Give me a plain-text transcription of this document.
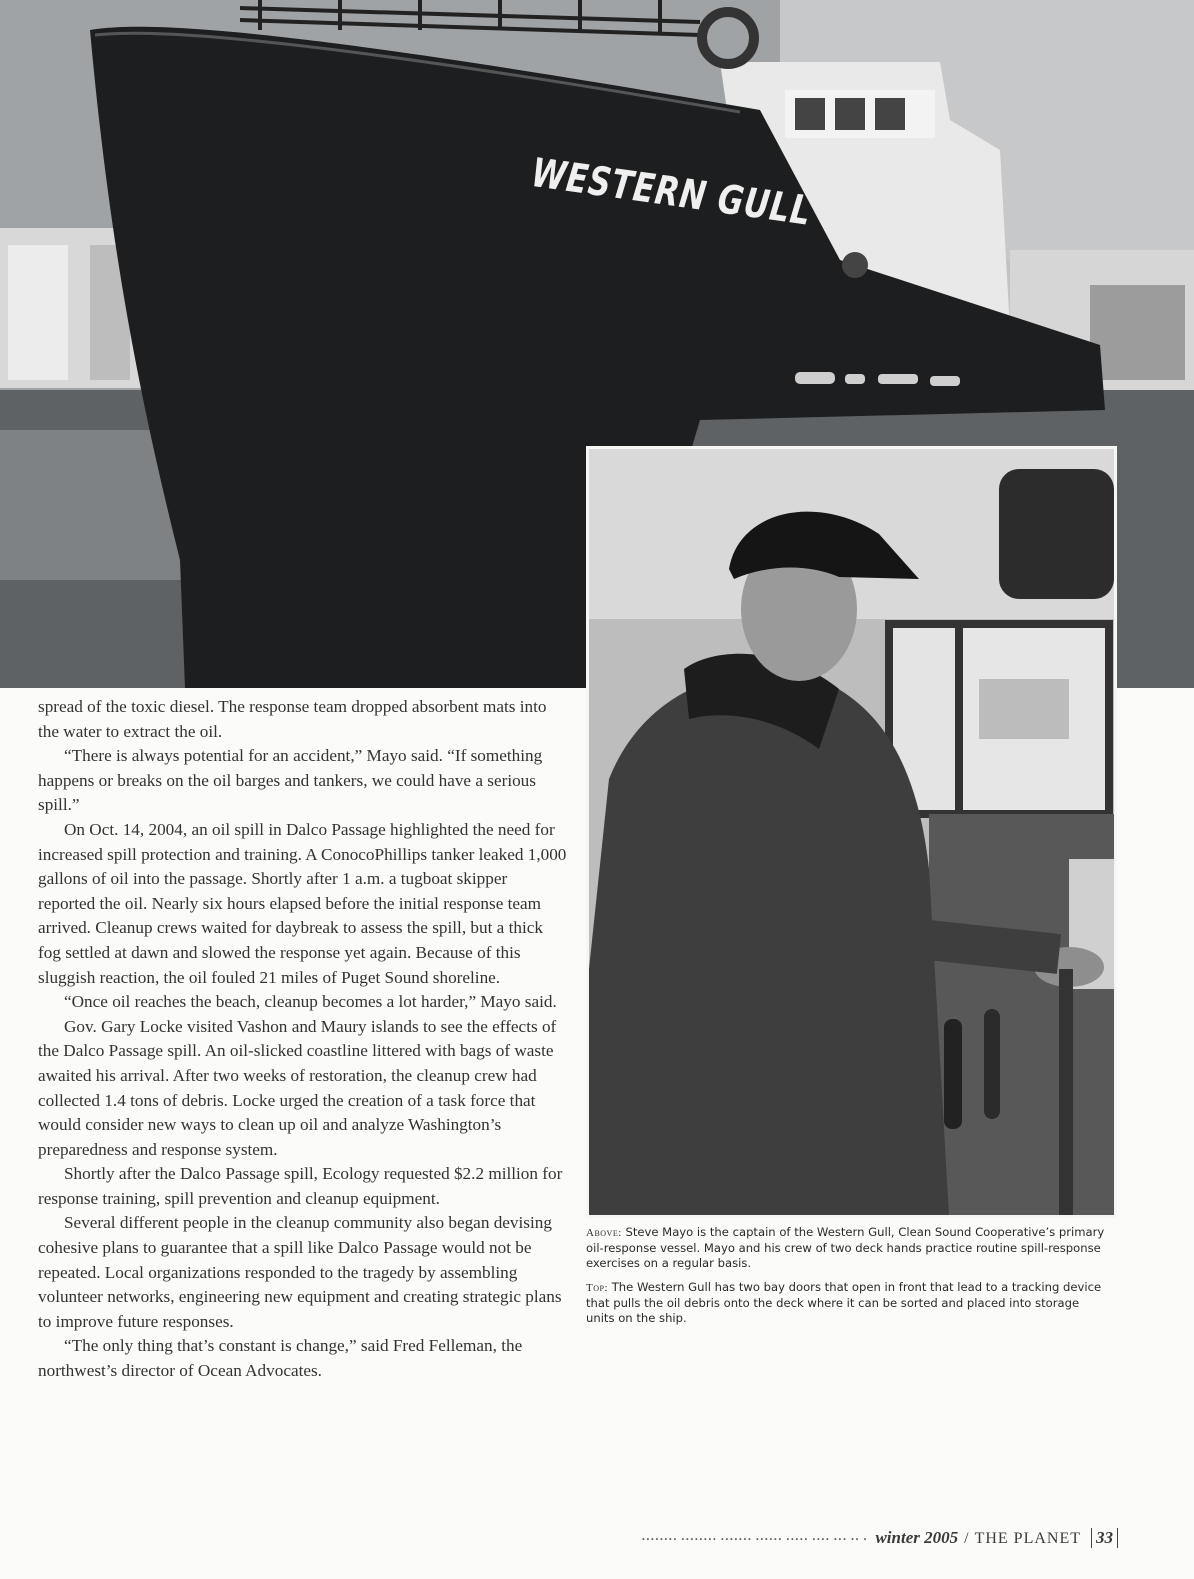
WESTERN GULL

spread of the toxic diesel. The response team dropped absorbent mats into the water to extract the oil.

“There is always potential for an accident,” Mayo said. “If something happens or breaks on the oil barges and tankers, we could have a serious spill.”

On Oct. 14, 2004, an oil spill in Dalco Passage highlighted the need for increased spill protection and training. A ConocoPhillips tanker leaked 1,000 gallons of oil into the passage. Shortly after 1 a.m. a tugboat skipper reported the oil. Nearly six hours elapsed before the initial response team arrived. Cleanup crews waited for daybreak to assess the spill, but a thick fog settled at dawn and slowed the response yet again. Because of this sluggish reaction, the oil fouled 21 miles of Puget Sound shoreline.

“Once oil reaches the beach, cleanup becomes a lot harder,” Mayo said.

Gov. Gary Locke visited Vashon and Maury islands to see the effects of the Dalco Passage spill. An oil-slicked coastline littered with bags of waste awaited his arrival. After two weeks of restoration, the cleanup crew had collected 1.4 tons of debris. Locke urged the creation of a task force that would consider new ways to clean up oil and analyze Washington’s preparedness and response system.

Shortly after the Dalco Passage spill, Ecology requested $2.2 million for response training, spill prevention and cleanup equipment.

Several different people in the cleanup community also began devising cohesive plans to guarantee that a spill like Dalco Passage would not be repeated. Local organizations responded to the tragedy by assembling volunteer networks, engineering new equipment and creating strategic plans to improve future responses.

“The only thing that’s constant is change,” said Fred Felleman, the northwest’s director of Ocean Advocates.

Above: Steve Mayo is the captain of the Western Gull, Clean Sound Cooperative’s primary oil-response vessel. Mayo and his crew of two deck hands practice routine spill-response exercises on a regular basis.

Top: The Western Gull has two bay doors that open in front that lead to a tracking device that pulls the oil debris onto the deck where it can be sorted and placed into storage units on the ship.

········ ········ ······· ······ ····· ···· ··· ·· · winter 2005 / THE PLANET 33
